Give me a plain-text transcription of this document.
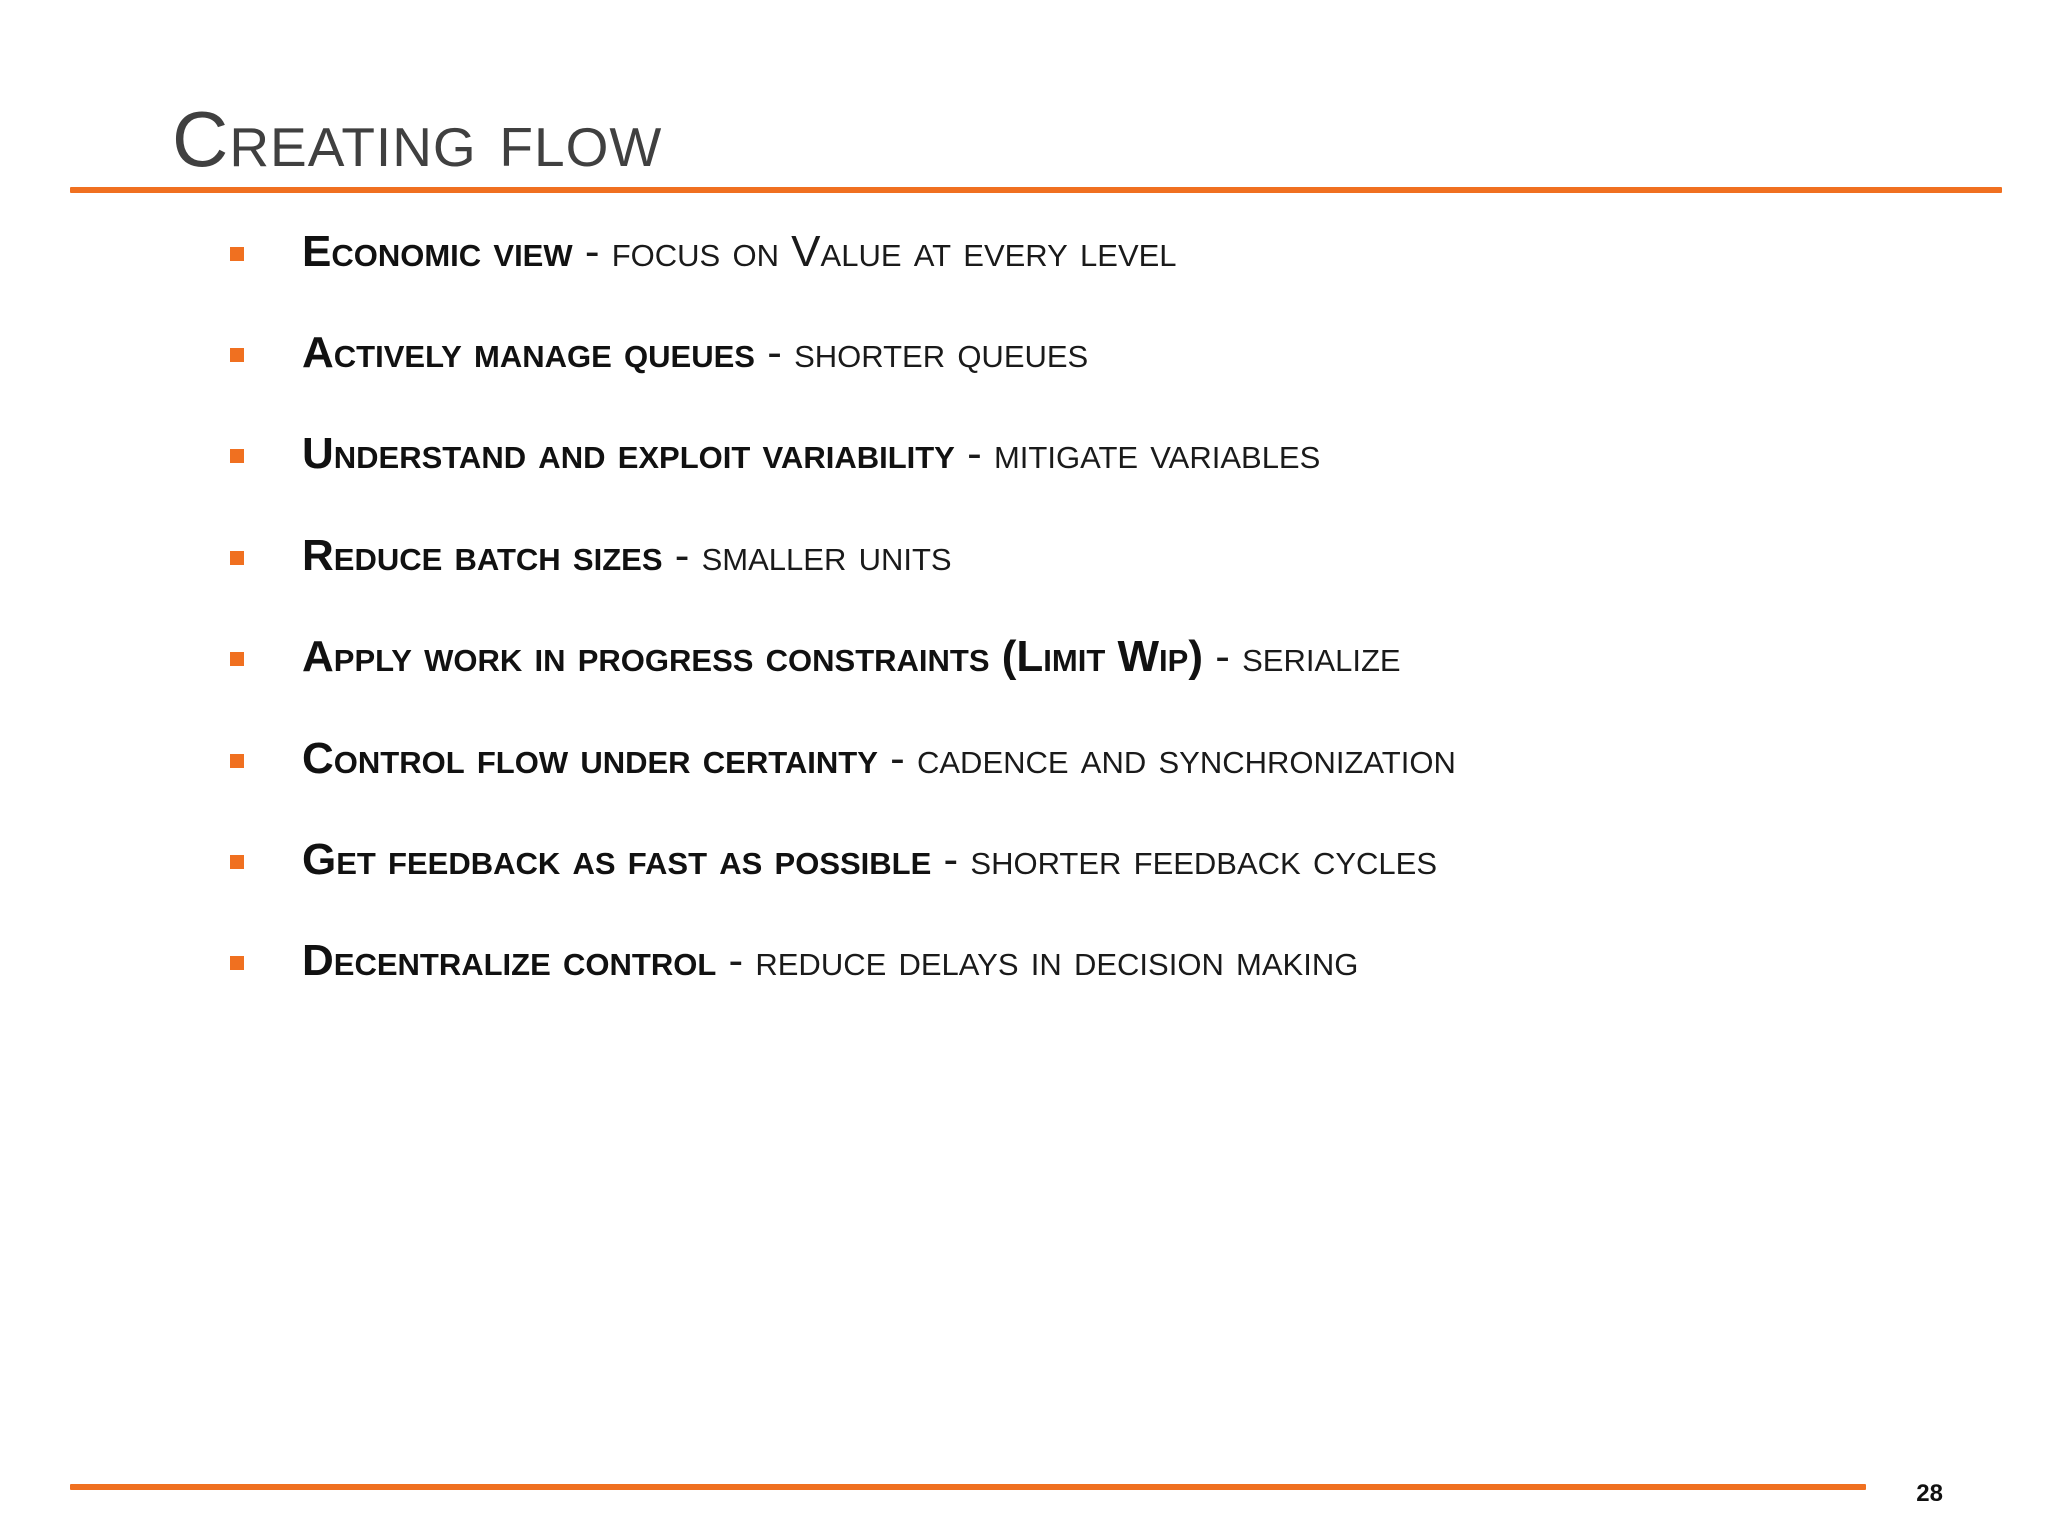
Creating flow
Economic view - focus on Value at every level
Actively manage queues - shorter queues
Understand and exploit variability - mitigate variables
Reduce batch sizes - smaller units
Apply work in progress constraints (Limit Wip) - serialize
Control flow under certainty - cadence and synchronization
Get feedback as fast as possible - shorter feedback cycles
Decentralize control - reduce delays in decision making
28
